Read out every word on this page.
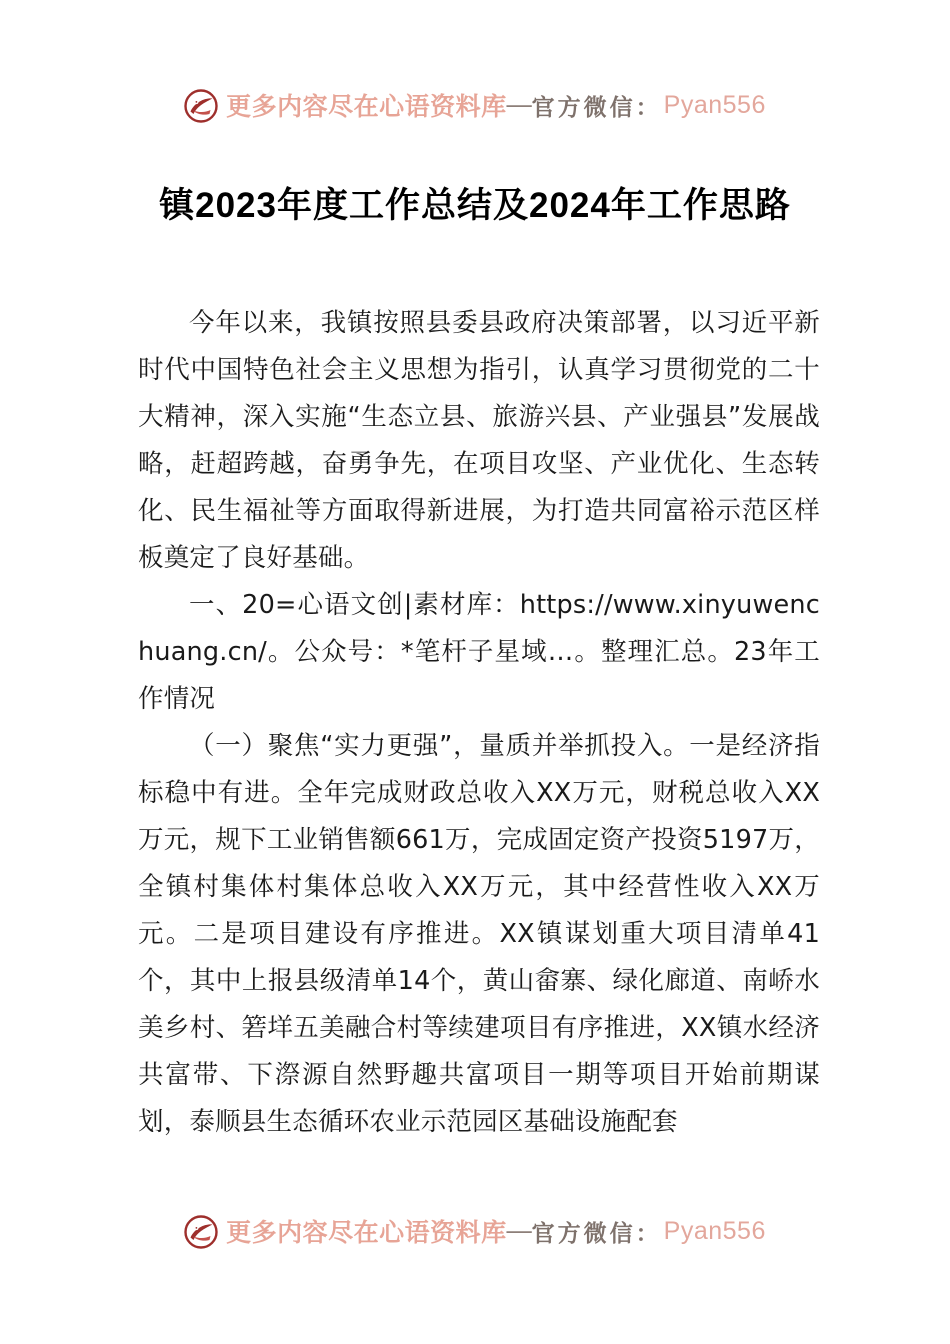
更多内容尽在心语资料库 — 官方微信： Pyan556
镇2023年度工作总结及2024年工作思路

今年以来，我镇按照县委县政府决策部署，以习近平新时代中国特色社会主义思想为指引，认真学习贯彻党的二十大精神，深入实施“生态立县、旅游兴县、产业强县”发展战略，赶超跨越，奋勇争先，在项目攻坚、产业优化、生态转化、民生福祉等方面取得新进展，为打造共同富裕示范区样板奠定了良好基础。

一、20=心语文创|素材库：https://www.xinyuwenchuang.cn/。公众号：*笔杆子星域…。整理汇总。23年工作情况

（一）聚焦“实力更强”，量质并举抓投入。一是经济指标稳中有进。全年完成财政总收入XX万元，财税总收入XX万元，规下工业销售额661万，完成固定资产投资5197万，全镇村集体村集体总收入XX万元，其中经营性收入XX万元。二是项目建设有序推进。XX镇谋划重大项目清单41个，其中上报县级清单14个，黄山畲寨、绿化廊道、南峤水美乡村、箬垟五美融合村等续建项目有序推进，XX镇水经济共富带、下漈源自然野趣共富项目一期等项目开始前期谋划，泰顺县生态循环农业示范园区基础设施配套

更多内容尽在心语资料库 — 官方微信： Pyan556
